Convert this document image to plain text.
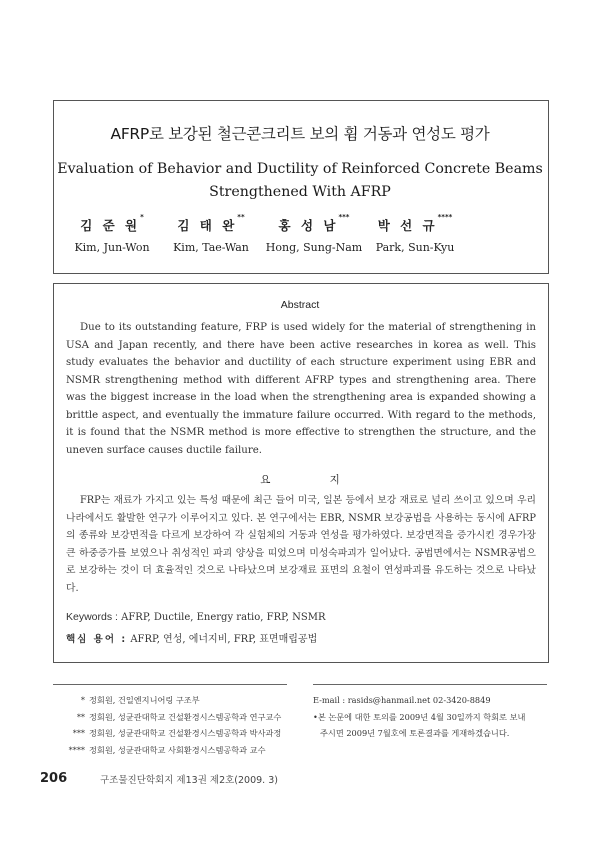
AFRP로 보강된 철근콘크리트 보의 휨 거동과 연성도 평가
Evaluation of Behavior and Ductility of Reinforced Concrete Beams
Strengthened With AFRP
김 준 원*
Kim, Jun-Won
김 태 완**
Kim, Tae-Wan
홍 성 남***
Hong, Sung-Nam
박 선 규****
Park, Sun-Kyu
Abstract
Due to its outstanding feature, FRP is used widely for the material of strengthening in USA and Japan recently, and there have been active researches in korea as well. This study evaluates the behavior and ductility of each structure experiment using EBR and NSMR strengthening method with different AFRP types and strengthening area. There was the biggest increase in the load when the strengthening area is expanded showing a brittle aspect, and eventually the immature failure occurred. With regard to the methods, it is found that the NSMR method is more effective to strengthen the structure, and the uneven surface causes ductile failure.
요 지
FRP는 재료가 가지고 있는 특성 때문에 최근 들어 미국, 일본 등에서 보강 재료로 널리 쓰이고 있으며 우리나라에서도 활발한 연구가 이루어지고 있다. 본 연구에서는 EBR, NSMR 보강공법을 사용하는 동시에 AFRP의 종류와 보강면적을 다르게 보강하여 각 실험체의 거동과 연성을 평가하였다. 보강면적을 증가시킨 경우가장 큰 하중증가를 보였으나 취성적인 파괴 양상을 띠었으며 미성숙파괴가 일어났다. 공법면에서는 NSMR공법으로 보강하는 것이 더 효율적인 것으로 나타났으며 보강재료 표면의 요철이 연성파괴를 유도하는 것으로 나타났다.
Keywords : AFRP, Ductile, Energy ratio, FRP, NSMR
핵심 용어 : AFRP, 연성, 에너지비, FRP, 표면매립공법
* 정회원, 건일엔지니어링 구조부
** 정회원, 성균관대학교 건설환경시스템공학과 연구교수
*** 정회원, 성균관대학교 건설환경시스템공학과 박사과정
**** 정회원, 성균관대학교 사회환경시스템공학과 교수
E-mail : rasids@hanmail.net 02-3420-8849
•본 논문에 대한 토의를 2009년 4월 30일까지 학회로 보내
주시면 2009년 7월호에 토론결과를 게재하겠습니다.
206	구조물진단학회지 제13권 제2호(2009. 3)
